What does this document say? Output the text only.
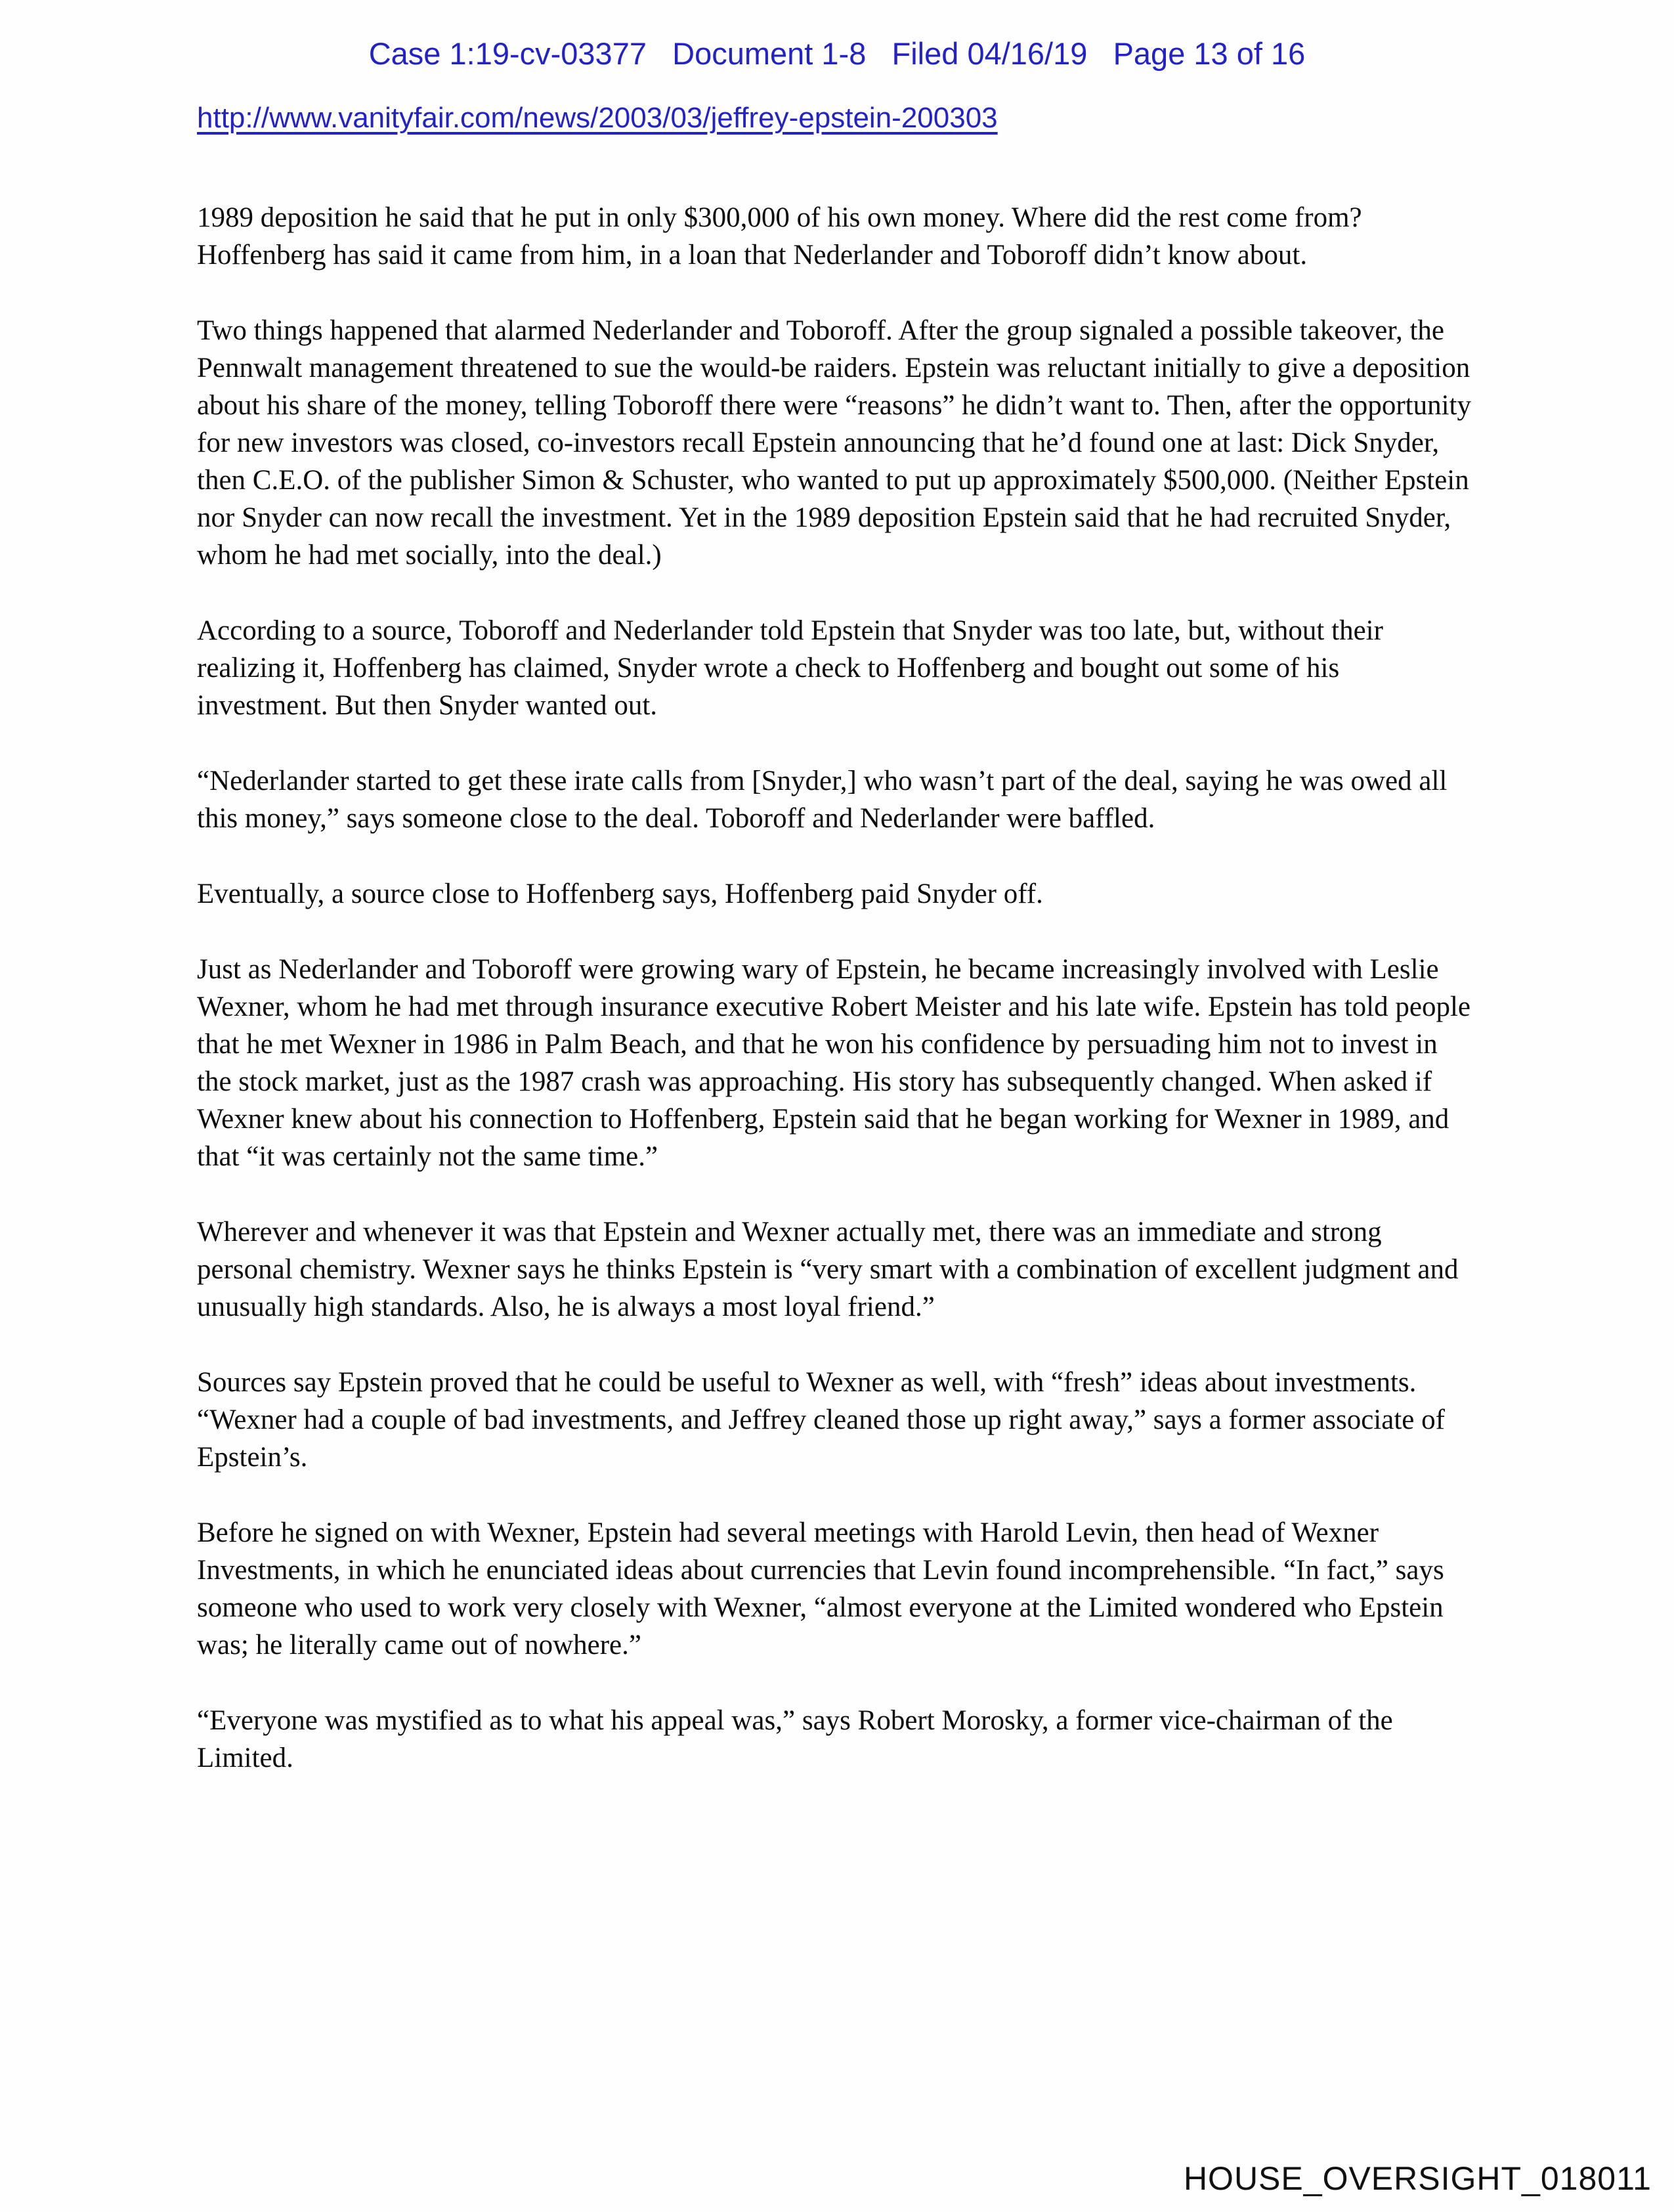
Case 1:19-cv-03377   Document 1-8   Filed 04/16/19   Page 13 of 16
http://www.vanityfair.com/news/2003/03/jeffrey-epstein-200303

1989 deposition he said that he put in only $300,000 of his own money. Where did the rest come from? Hoffenberg has said it came from him, in a loan that Nederlander and Toboroff didn’t know about.

Two things happened that alarmed Nederlander and Toboroff. After the group signaled a possible takeover, the Pennwalt management threatened to sue the would-be raiders. Epstein was reluctant initially to give a deposition about his share of the money, telling Toboroff there were “reasons” he didn’t want to. Then, after the opportunity for new investors was closed, co-investors recall Epstein announcing that he’d found one at last: Dick Snyder, then C.E.O. of the publisher Simon & Schuster, who wanted to put up approximately $500,000. (Neither Epstein nor Snyder can now recall the investment. Yet in the 1989 deposition Epstein said that he had recruited Snyder, whom he had met socially, into the deal.)

According to a source, Toboroff and Nederlander told Epstein that Snyder was too late, but, without their realizing it, Hoffenberg has claimed, Snyder wrote a check to Hoffenberg and bought out some of his investment. But then Snyder wanted out.

“Nederlander started to get these irate calls from [Snyder,] who wasn’t part of the deal, saying he was owed all this money,” says someone close to the deal. Toboroff and Nederlander were baffled.

Eventually, a source close to Hoffenberg says, Hoffenberg paid Snyder off.

Just as Nederlander and Toboroff were growing wary of Epstein, he became increasingly involved with Leslie Wexner, whom he had met through insurance executive Robert Meister and his late wife. Epstein has told people that he met Wexner in 1986 in Palm Beach, and that he won his confidence by persuading him not to invest in the stock market, just as the 1987 crash was approaching. His story has subsequently changed. When asked if Wexner knew about his connection to Hoffenberg, Epstein said that he began working for Wexner in 1989, and that “it was certainly not the same time.”

Wherever and whenever it was that Epstein and Wexner actually met, there was an immediate and strong personal chemistry. Wexner says he thinks Epstein is “very smart with a combination of excellent judgment and unusually high standards. Also, he is always a most loyal friend.”

Sources say Epstein proved that he could be useful to Wexner as well, with “fresh” ideas about investments. “Wexner had a couple of bad investments, and Jeffrey cleaned those up right away,” says a former associate of Epstein’s.

Before he signed on with Wexner, Epstein had several meetings with Harold Levin, then head of Wexner Investments, in which he enunciated ideas about currencies that Levin found incomprehensible. “In fact,” says someone who used to work very closely with Wexner, “almost everyone at the Limited wondered who Epstein was; he literally came out of nowhere.”

“Everyone was mystified as to what his appeal was,” says Robert Morosky, a former vice-chairman of the Limited.

HOUSE_OVERSIGHT_018011
